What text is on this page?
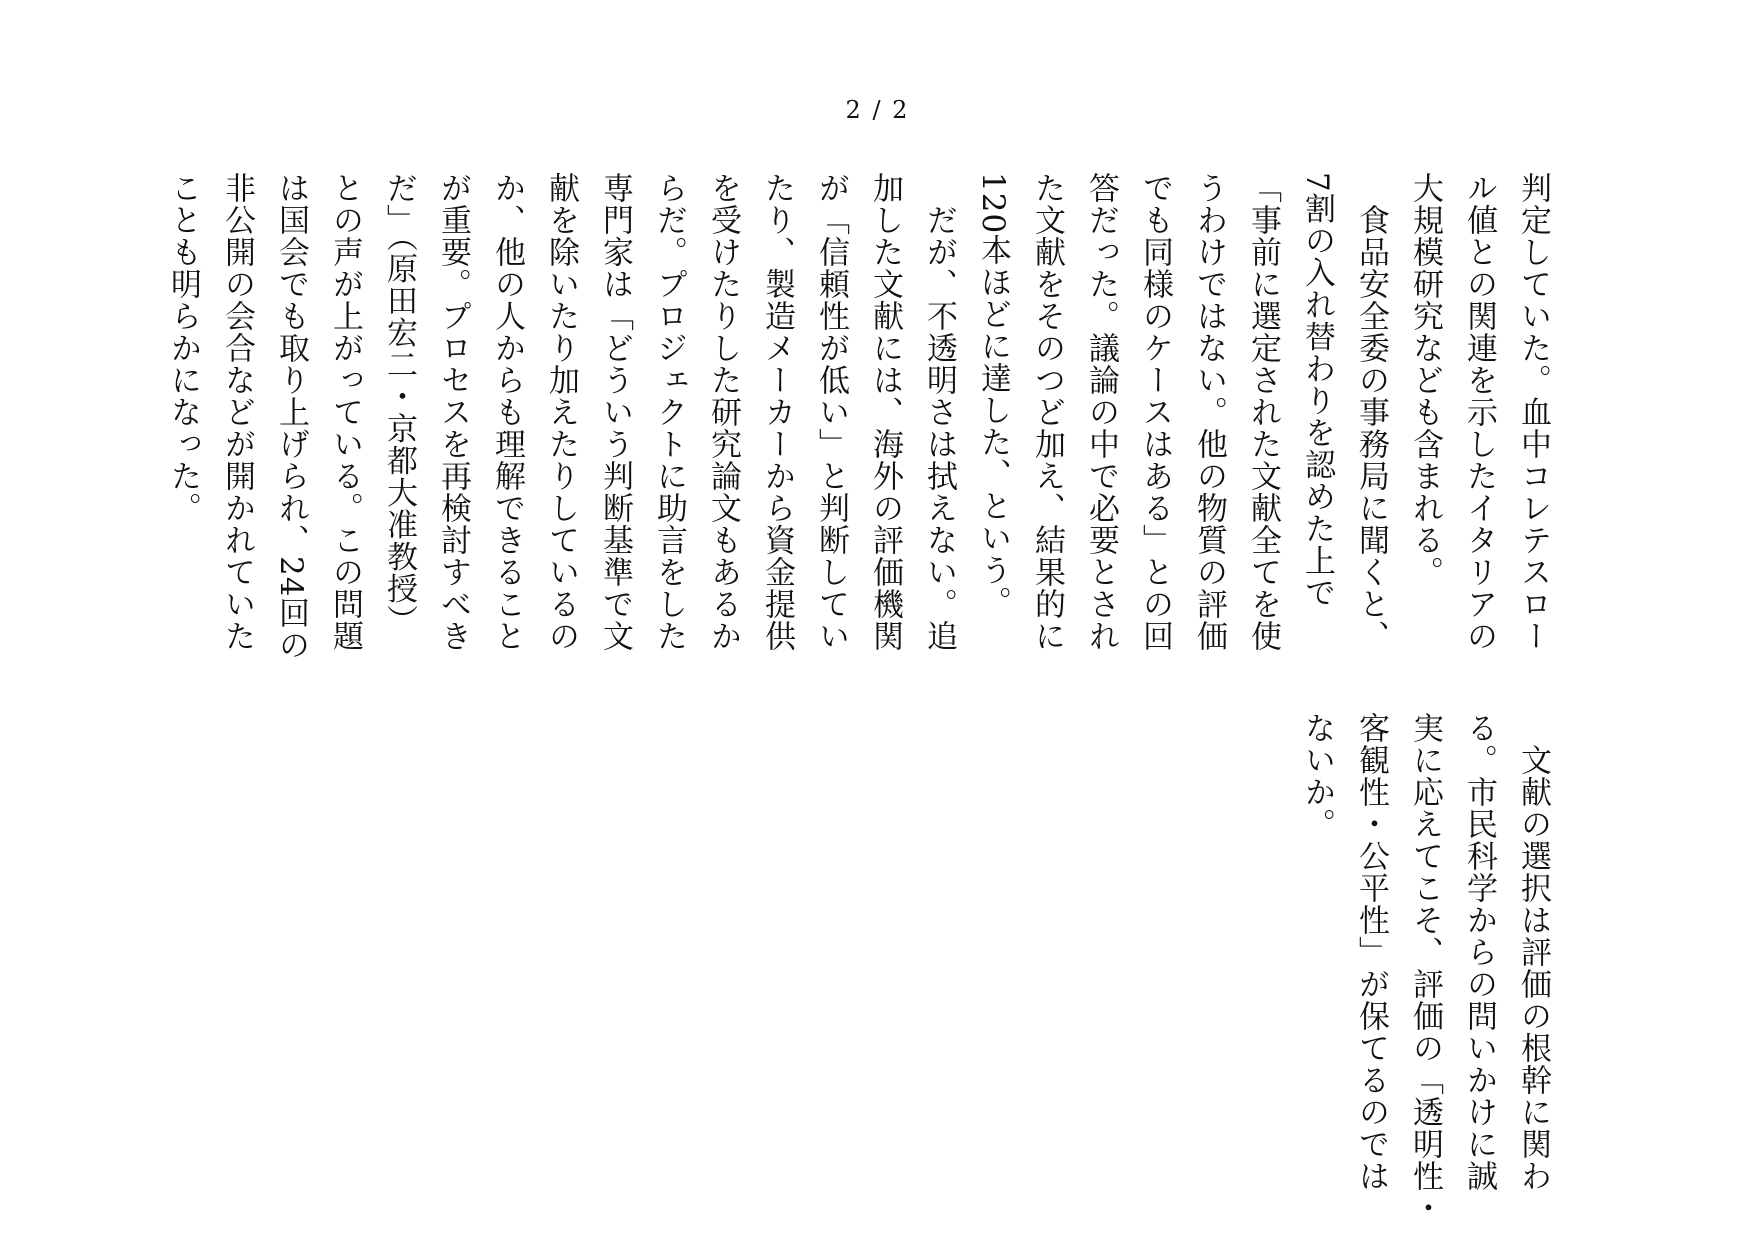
2 / 2
判定していた。血中コレテスロー
ル値との関連を示したイタリアの
大規模研究なども含まれる。
　食品安全委の事務局に聞くと、
7割の入れ替わりを認めた上で
「事前に選定された文献全てを使
うわけではない。他の物質の評価
でも同様のケースはある」との回
答だった。議論の中で必要とされ
た文献をそのつど加え、結果的に
120本ほどに達した、という。
　だが、不透明さは拭えない。追
加した文献には、海外の評価機関
が「信頼性が低い」と判断してい
たり、製造メーカーから資金提供
を受けたりした研究論文もあるか
らだ。プロジェクトに助言をした
専門家は「どういう判断基準で文
献を除いたり加えたりしているの
か、他の人からも理解できること
が重要。プロセスを再検討すべき
だ」（原田宏二・京都大准教授）
との声が上がっている。この問題
は国会でも取り上げられ、24回の
非公開の会合などが開かれていた
ことも明らかになった。
　文献の選択は評価の根幹に関わ
る。市民科学からの問いかけに誠
実に応えてこそ、評価の「透明性・
客観性・公平性」が保てるのでは
ないか。
